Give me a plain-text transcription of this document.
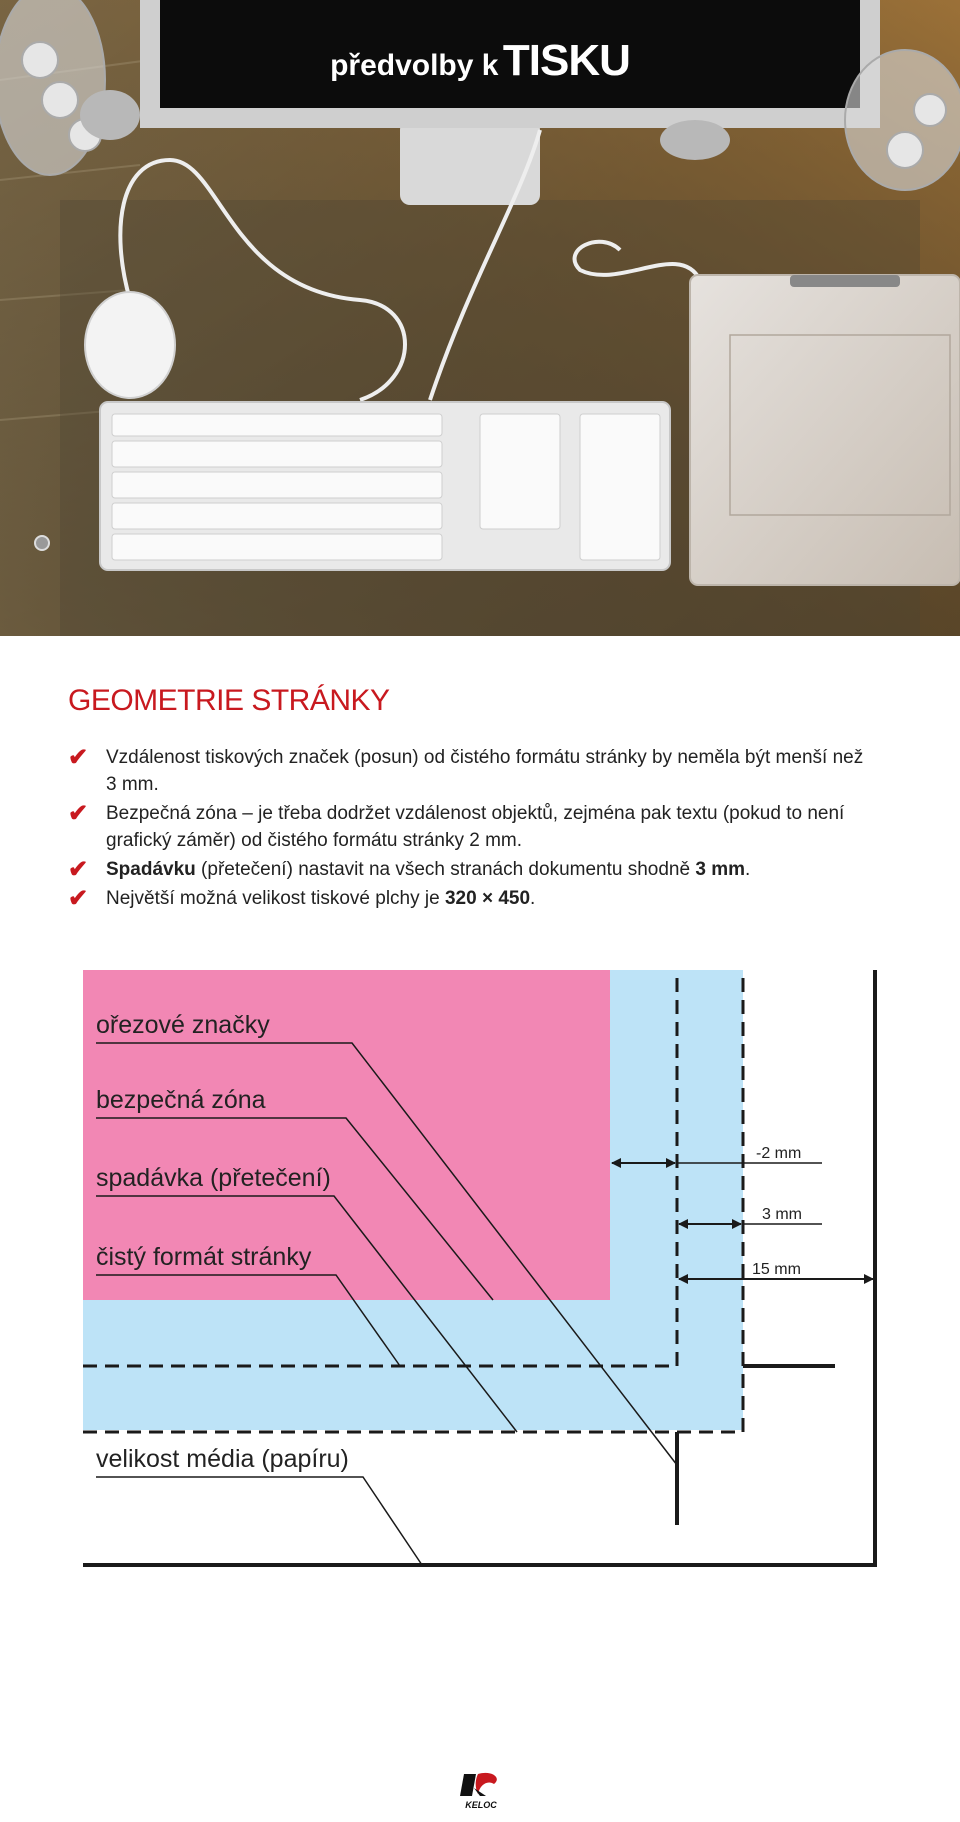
předvolby k TISKU
GEOMETRIE STRÁNKY
✔ Vzdálenost tiskových značek (posun) od čistého formátu stránky by neměla být menší než 3 mm.
✔ Bezpečná zóna – je třeba dodržet vzdálenost objektů, zejména pak textu (pokud to není grafický záměr) od čistého formátu stránky 2 mm.
✔ Spadávku (přetečení) nastavit na všech stranách dokumentu shodně 3 mm.
✔ Největší možná velikost tiskové plchy je 320 × 450.
ořezové značky
bezpečná zóna
spadávka (přetečení)
čistý formát stránky
velikost média (papíru)
-2 mm
3 mm
15 mm
KELOC
